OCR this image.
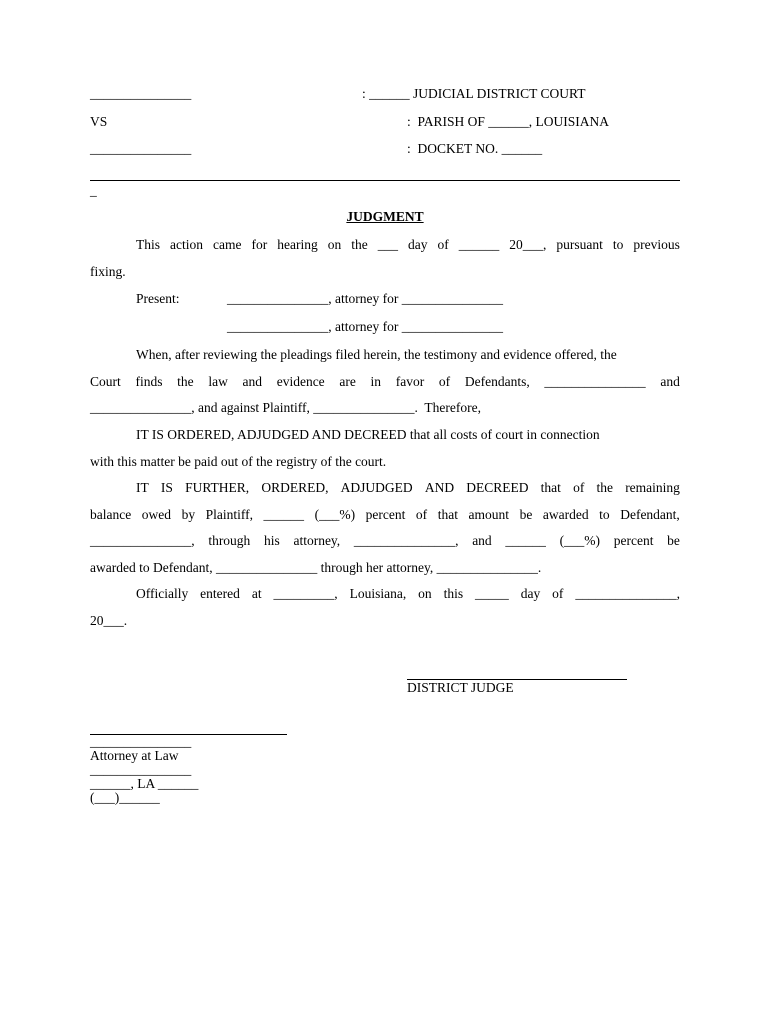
_______________	: ______ JUDICIAL DISTRICT COURT
VS	:  PARISH OF ______, LOUISIANA
_______________	:  DOCKET NO. ______
_
JUDGMENT
This action came for hearing on the ___ day of ______ 20___, pursuant to previous
fixing.
Present:	_______________, attorney for _______________
_______________, attorney for _______________
When, after reviewing the pleadings filed herein, the testimony and evidence offered, the
Court finds the law and evidence are in favor of Defendants, _______________ and
_______________, and against Plaintiff, _______________.  Therefore,
IT IS ORDERED, ADJUDGED AND DECREED that all costs of court in connection
with this matter be paid out of the registry of the court.
IT IS FURTHER, ORDERED, ADJUDGED AND DECREED that of the remaining
balance owed by Plaintiff, ______ (___%) percent of that amount be awarded to Defendant,
_______________, through his attorney, _______________, and ______ (___%) percent be
awarded to Defendant, _______________ through her attorney, _______________.
Officially entered at _________, Louisiana, on this _____ day of _______________,
20___.
DISTRICT JUDGE
_______________
Attorney at Law
_______________
______, LA ______
(___)______
